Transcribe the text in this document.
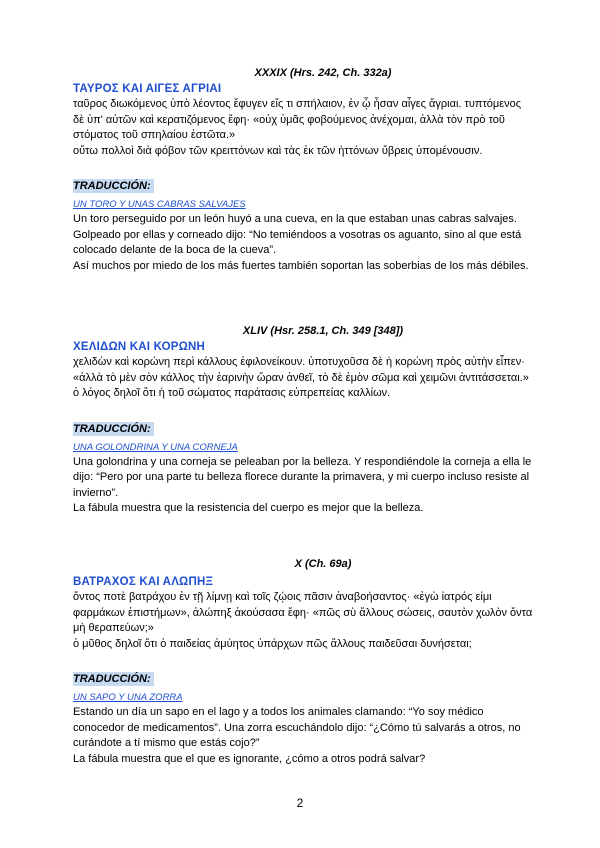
XXXIX (Hrs. 242, Ch. 332a)
ΤΑΥΡΟΣ ΚΑΙ ΑΙΓΕΣ ΑΓΡΙΑΙ
ταῦρος διωκόμενος ὑπὸ λέοντος ἔφυγεν εἴς τι σπήλαιον, ἐν ᾧ ἦσαν αἶγες ἄγριαι. τυπτόμενος δὲ ὑπ' αὐτῶν καὶ κερατιζόμενος ἔφη· «οὐχ ὑμᾶς φοβούμενος ἀνέχομαι, ἀλλὰ τὸν πρὸ τοῦ στόματος τοῦ σπηλαίου ἑστῶτα.»
οὕτω πολλοὶ διὰ φόβον τῶν κρειττόνων καὶ τὰς ἐκ τῶν ἡττόνων ὕβρεις ὑπομένουσιν.
TRADUCCIÓN:
UN TORO Y UNAS CABRAS SALVAJES
Un toro perseguido por un león huyó a una cueva, en la que estaban unas cabras salvajes. Golpeado por ellas y corneado dijo: “No temiéndoos a vosotras os aguanto, sino al que está colocado delante de la boca de la cueva”.
Así muchos por miedo de los más fuertes también soportan las soberbias de los más débiles.
XLIV (Hsr. 258.1, Ch. 349 [348])
ΧΕΛΙΔΩΝ ΚΑΙ ΚΟΡΩΝΗ
χελιδὼν καὶ κορώνη περὶ κάλλους ἐφιλονείκουν. ὑποτυχοῦσα δὲ ἡ κορώνη πρὸς αὐτὴν εἶπεν· «ἀλλὰ τὸ μὲν σὸν κάλλος τὴν ἐαρινὴν ὥραν ἀνθεῖ, τὸ δὲ ἐμὸν σῶμα καὶ χειμῶνι ἀντιτάσσεται.»
ὁ λόγος δηλοῖ ὅτι ἡ τοῦ σώματος παράτασις εὐπρεπείας καλλίων.
TRADUCCIÓN:
UNA GOLONDRINA Y UNA CORNEJA
Una golondrina y una corneja se peleaban por la belleza. Y respondiéndole la corneja a ella le dijo: “Pero por una parte tu belleza florece durante la primavera, y mi cuerpo incluso resiste al invierno”.
La fábula muestra que la resistencia del cuerpo es mejor que la belleza.
X (Ch. 69a)
ΒΑΤΡΑΧΟΣ ΚΑΙ ΑΛΩΠΗΞ
ὄντος ποτὲ βατράχου ἐν τῇ λίμνῃ καὶ τοῖς ζῴοις πᾶσιν ἀναβοήσαντος· «ἐγὼ ἰατρός εἰμι φαρμάκων ἐπιστήμων», ἀλώπηξ ἀκούσασα ἔφη· «πῶς σὺ ἄλλους σώσεις, σαυτὸν χωλὸν ὄντα μὴ θεραπεύων;»
ὁ μῦθος δηλοῖ ὅτι ὁ παιδείας ἀμύητος ὑπάρχων πῶς ἄλλους παιδεῦσαι δυνήσεται;
TRADUCCIÓN:
UN SAPO Y UNA ZORRA
Estando un día un sapo en el lago y a todos los animales clamando: “Yo soy médico conocedor de medicamentos”. Una zorra escuchándolo dijo: “¿Cómo tú salvarás a otros, no curándote a tí mismo que estás cojo?”
La fábula muestra que el que es ignorante, ¿cómo a otros podrá salvar?
2
